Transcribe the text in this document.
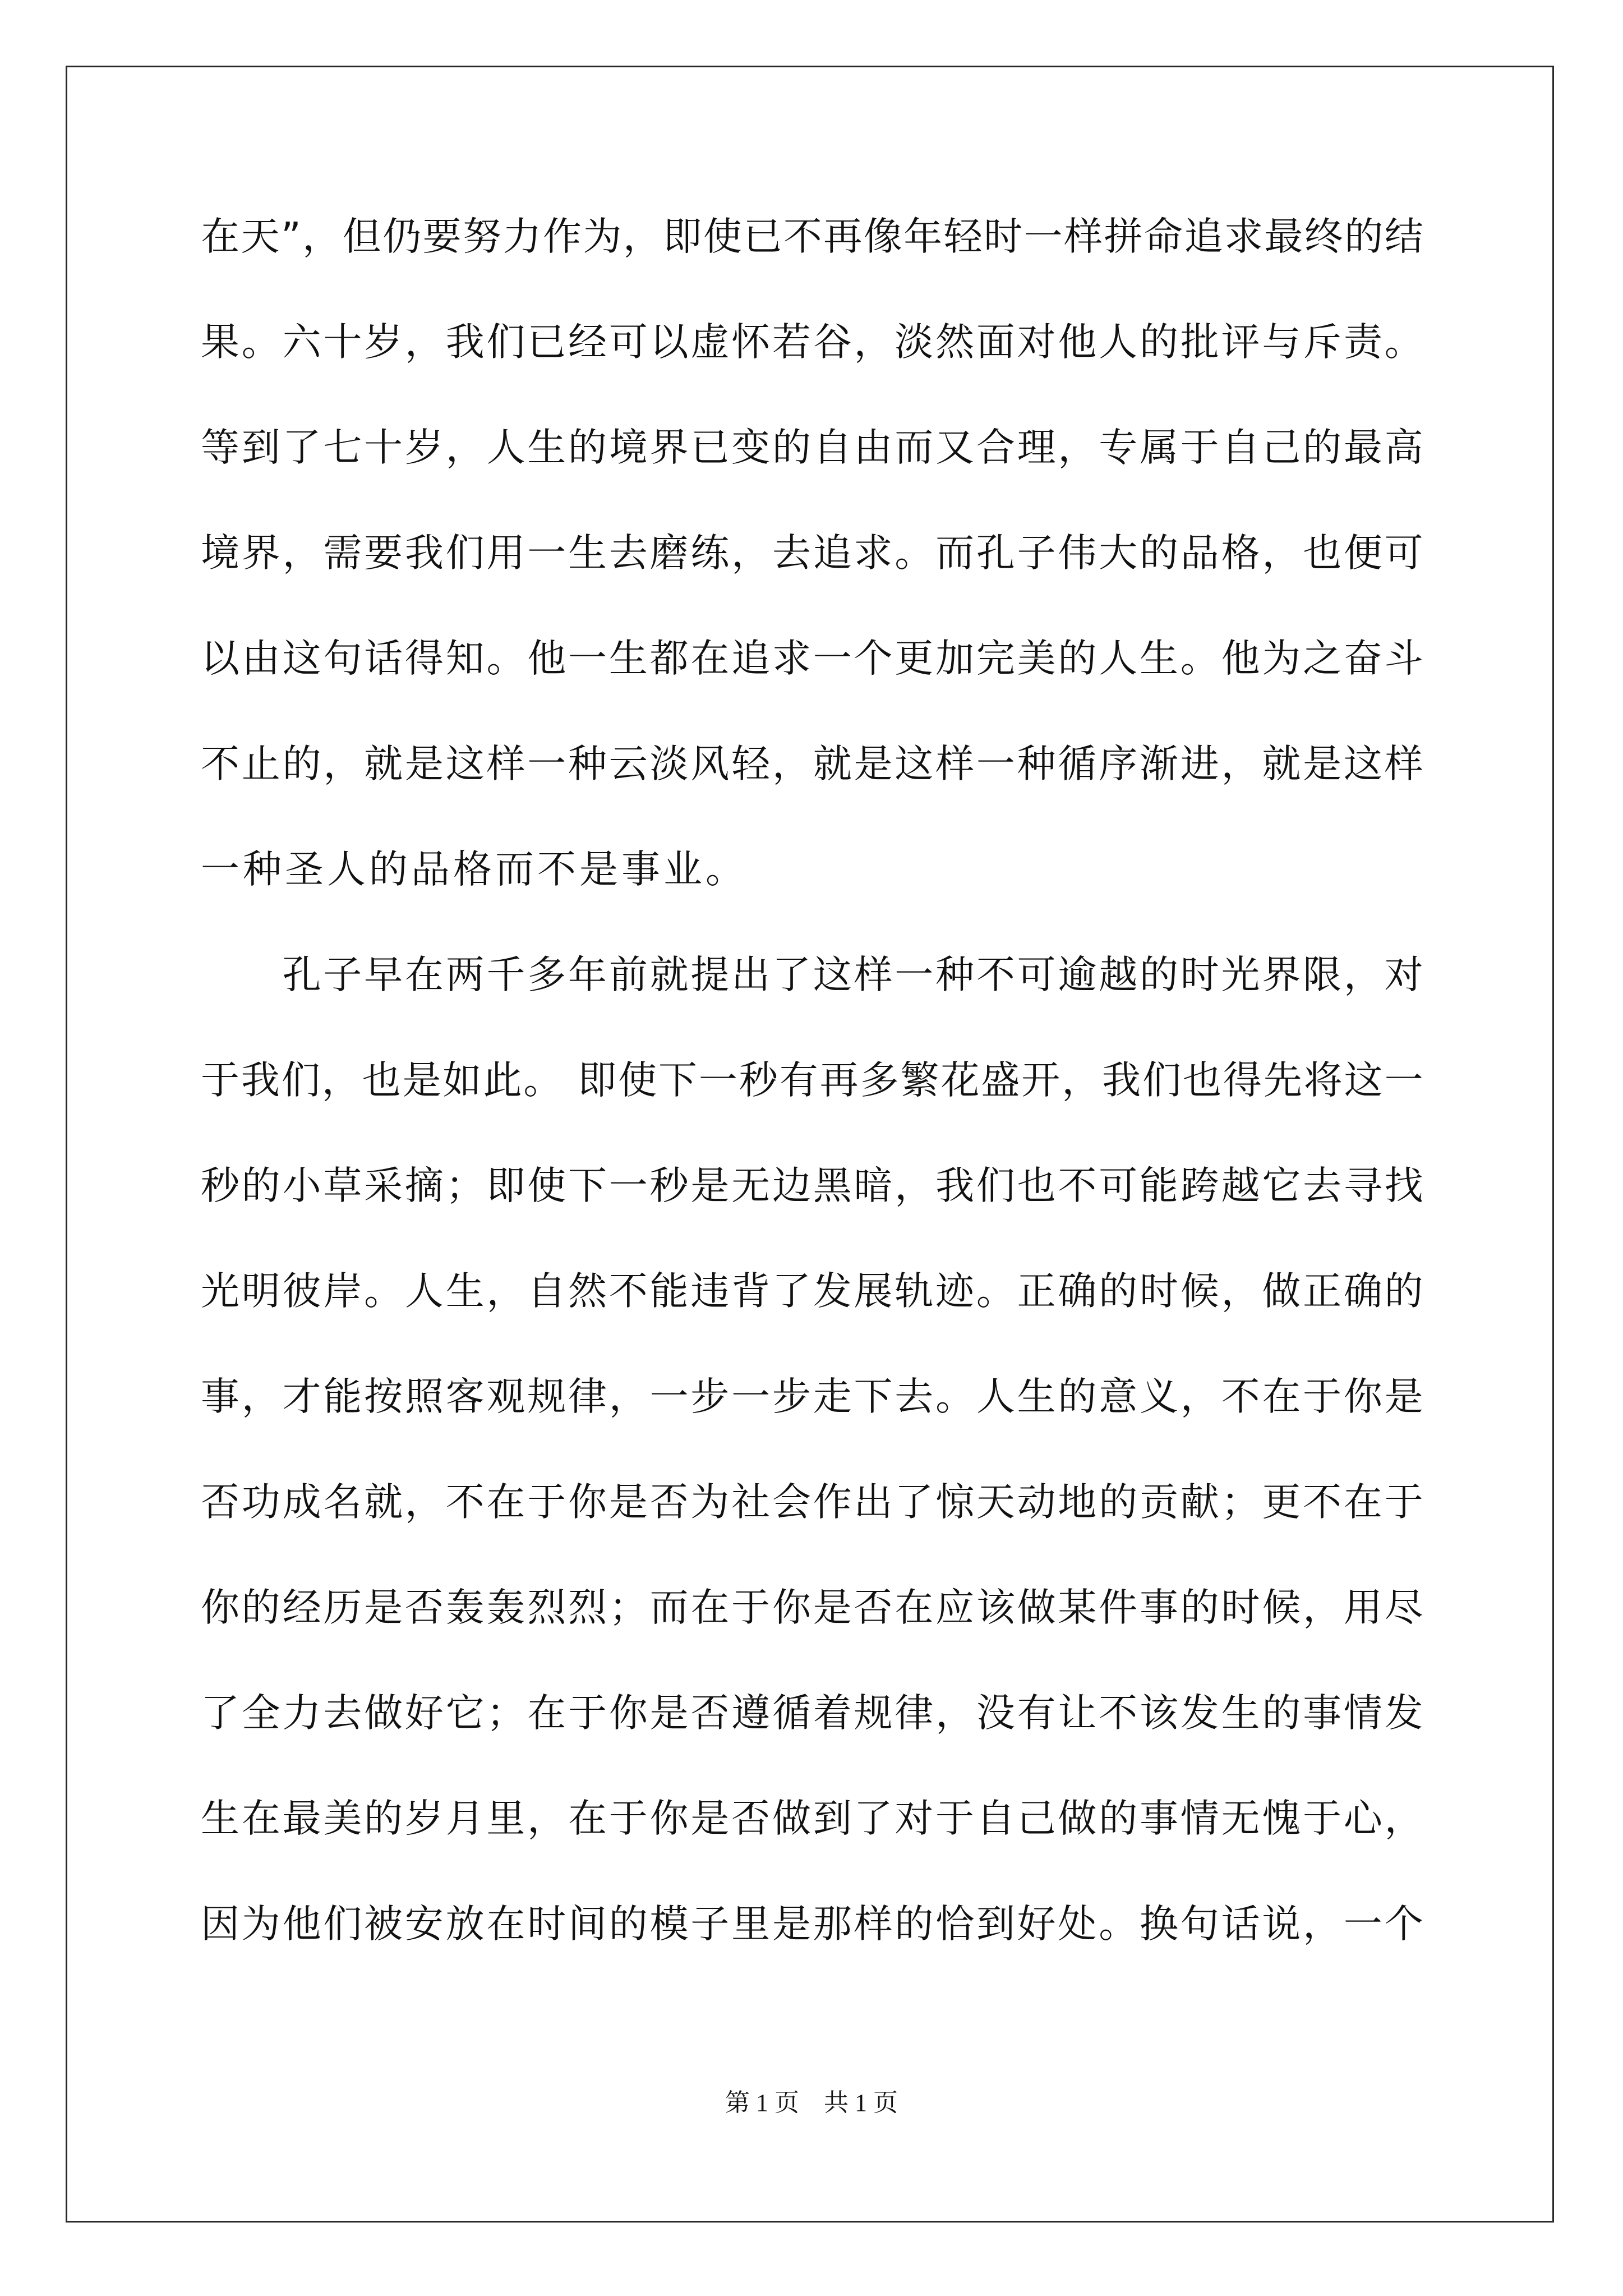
在 天 ” ， 但 仍 要 努 力 作 为 ， 即 使 已 不 再 像 年 轻 时 一 样 拼 命 追 求 最 终 的 结
果 。 六 十 岁 ， 我 们 已 经 可 以 虚 怀 若 谷 ， 淡 然 面 对 他 人 的 批 评 与 斥 责 。
等 到 了 七 十 岁 ， 人 生 的 境 界 已 变 的 自 由 而 又 合 理 ， 专 属 于 自 己 的 最 高
境 界 ， 需 要 我 们 用 一 生 去 磨 练 ， 去 追 求 。 而 孔 子 伟 大 的 品 格 ， 也 便 可
以 由 这 句 话 得 知 。 他 一 生 都 在 追 求 一 个 更 加 完 美 的 人 生 。 他 为 之 奋 斗
不 止 的 ， 就 是 这 样 一 种 云 淡 风 轻 ， 就 是 这 样 一 种 循 序 渐 进 ， 就 是 这 样
一种圣人的品格而不是事业。

孔 子 早 在 两 千 多 年 前 就 提 出 了 这 样 一 种 不 可 逾 越 的 时 光 界 限 ， 对
于 我 们 ， 也 是 如 此 。
即 使 下 一 秒 有 再 多 繁 花 盛 开 ， 我 们 也 得 先 将 这 一
秒 的 小 草 采 摘 ； 即 使 下 一 秒 是 无 边 黑 暗 ， 我 们 也 不 可 能 跨 越 它 去 寻 找
光 明 彼 岸 。 人 生 ， 自 然 不 能 违 背 了 发 展 轨 迹 。 正 确 的 时 候 ， 做 正 确 的
事 ， 才 能 按 照 客 观 规 律 ， 一 步 一 步 走 下 去 。 人 生 的 意 义 ， 不 在 于 你 是
否 功 成 名 就 ， 不 在 于 你 是 否 为 社 会 作 出 了 惊 天 动 地 的 贡 献 ； 更 不 在 于
你 的 经 历 是 否 轰 轰 烈 烈 ； 而 在 于 你 是 否 在 应 该 做 某 件 事 的 时 候 ， 用 尽
了 全 力 去 做 好 它 ； 在 于 你 是 否 遵 循 着 规 律 ， 没 有 让 不 该 发 生 的 事 情 发
生 在 最 美 的 岁 月 里 ， 在 于 你 是 否 做 到 了 对 于 自 己 做 的 事 情 无 愧 于 心 ，
因 为 他 们 被 安 放 在 时 间 的 模 子 里 是 那 样 的 恰 到 好 处 。 换 句 话 说 ， 一 个
第 1 页　共 1 页
